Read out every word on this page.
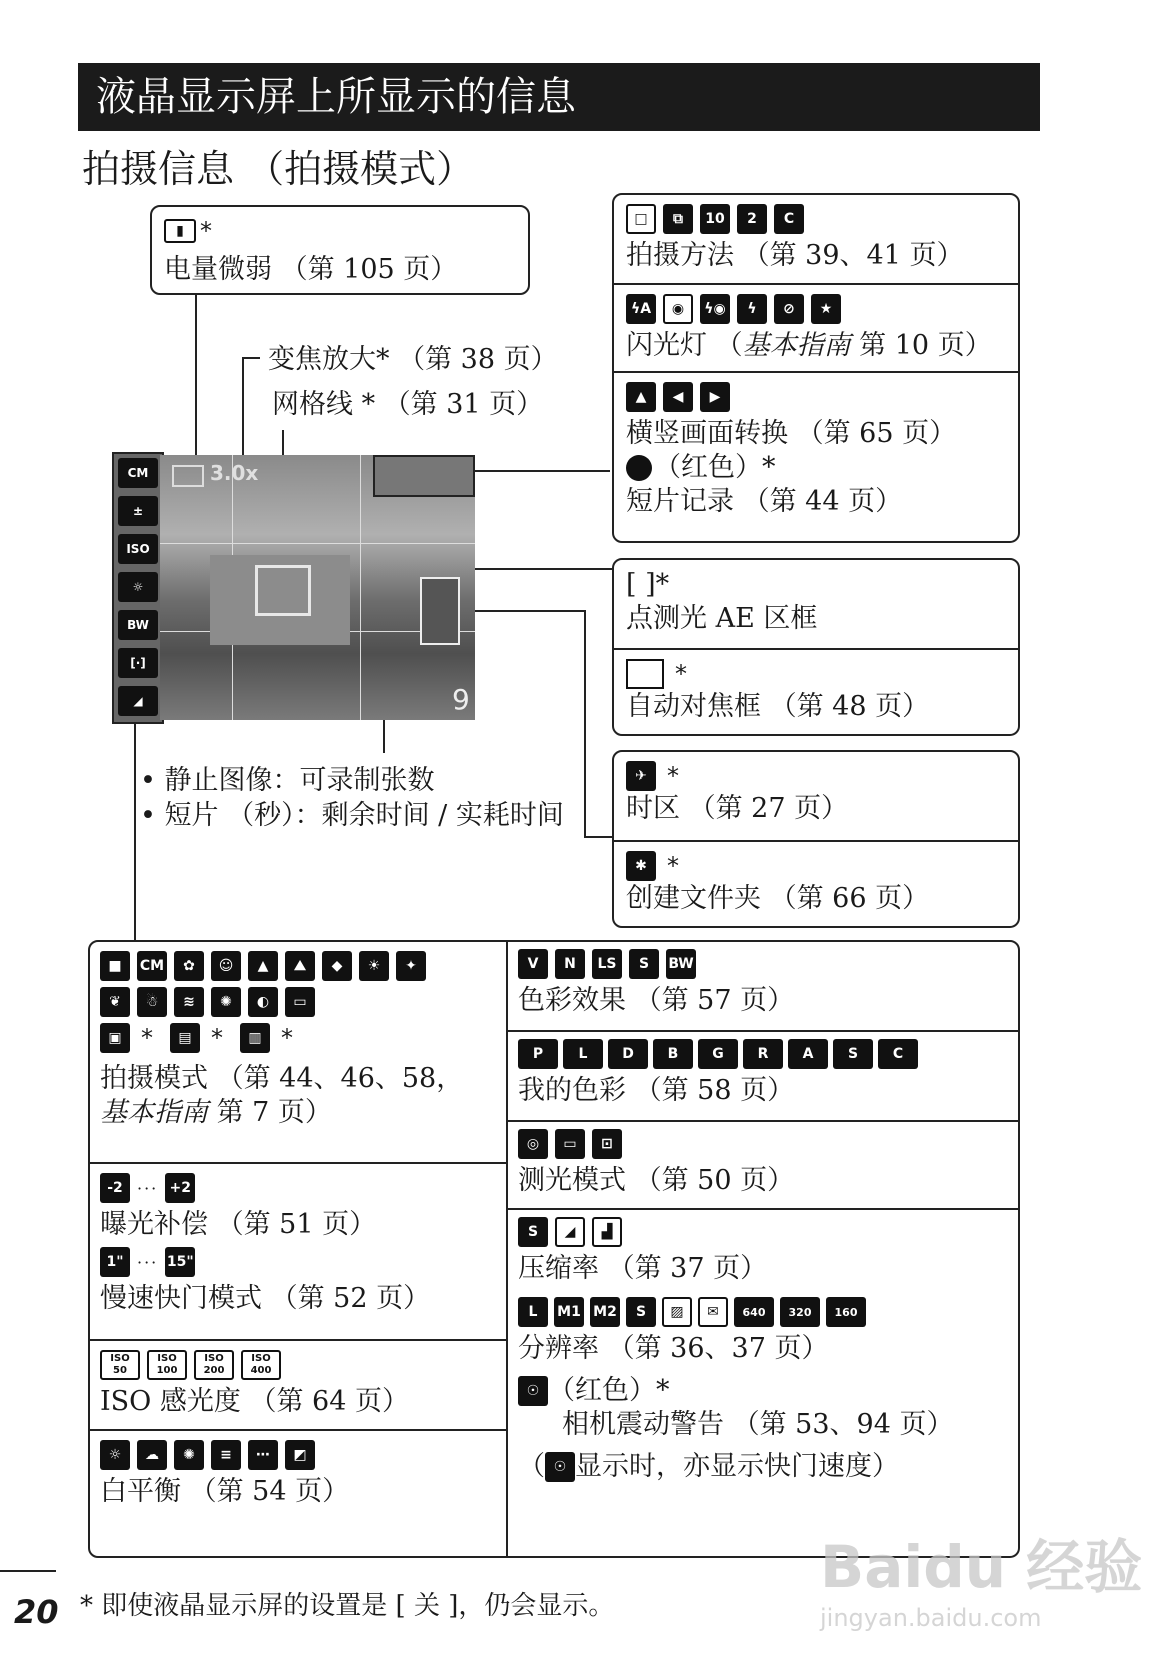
液晶显示屏上所显示的信息
拍摄信息 （拍摄模式）
▮ *
电量微弱 （第 105 页）
变焦放大* （第 38 页）
网格线 * （第 31 页）
CM ± ISO ☼ BW [·] ◢
3.0x
9
• 静止图像：可录制张数
• 短片 （秒）：剩余时间 / 实耗时间
□	⧉	10	2	C
拍摄方法 （第 39、41 页）
ϟA	◉	ϟ◉	ϟ	⊘	★
闪光灯 （基本指南 第 10 页）
▲	◀	▶
横竖画面转换 （第 65 页）
（红色）*
短片记录 （第 44 页）
[ ]*
点测光 AE 区框
*
自动对焦框 （第 48 页）
✈ *
时区 （第 27 页）
✱ *
创建文件夹 （第 66 页）
■	CM	✿	☺	▲	⛰	◆	☀	✦
❦	☃	≋	✺	◐	▭
▣ *	▤ *	▥ *
拍摄模式 （第 44、46、58，
基本指南 第 7 页）
-2 ··· +2
曝光补偿 （第 51 页）
1" ··· 15"
慢速快门模式 （第 52 页）
ISO
50
ISO
100
ISO
200
ISO
400
ISO 感光度 （第 64 页）
☼	☁	✺	≡	⋯	◩
白平衡 （第 54 页）
V	N	LS	S	BW
色彩效果 （第 57 页）
P	L	D	B	G	R	A	S	C
我的色彩 （第 58 页）
◎	▭	⊡
测光模式 （第 50 页）
S	◢	▟
压缩率 （第 37 页）
L	M1 M2	S	▨	✉	640	320	160
分辨率 （第 36、37 页）
☉ （红色）*
相机震动警告 （第 53、94 页）
（ ☉ 显示时，亦显示快门速度）
20 * 即使液晶显示屏的设置是 [ 关 ]，仍会显示。
Baidu 经验
jingyan.baidu.com
